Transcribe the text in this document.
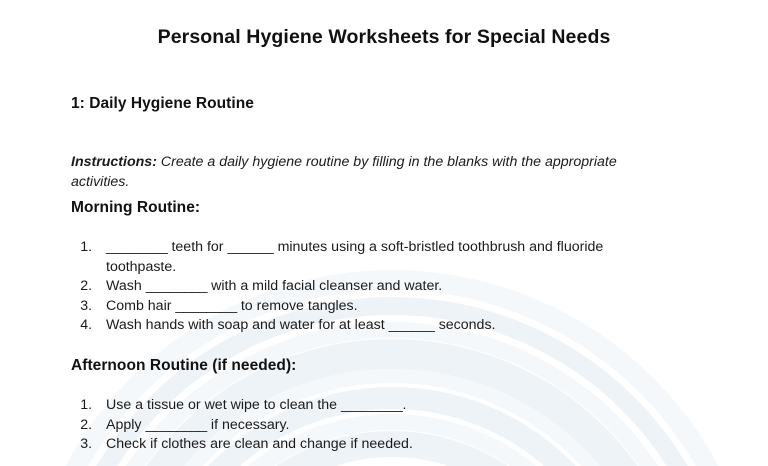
Personal Hygiene Worksheets for Special Needs
1: Daily Hygiene Routine

Instructions: Create a daily hygiene routine by filling in the blanks with the appropriate activities.

Morning Routine:
1. ________ teeth for ______ minutes using a soft-bristled toothbrush and fluoride toothpaste.
2. Wash ________ with a mild facial cleanser and water.
3. Comb hair ________ to remove tangles.
4. Wash hands with soap and water for at least ______ seconds.
Afternoon Routine (if needed):
1. Use a tissue or wet wipe to clean the ________.
2. Apply ________ if necessary.
3. Check if clothes are clean and change if needed.
